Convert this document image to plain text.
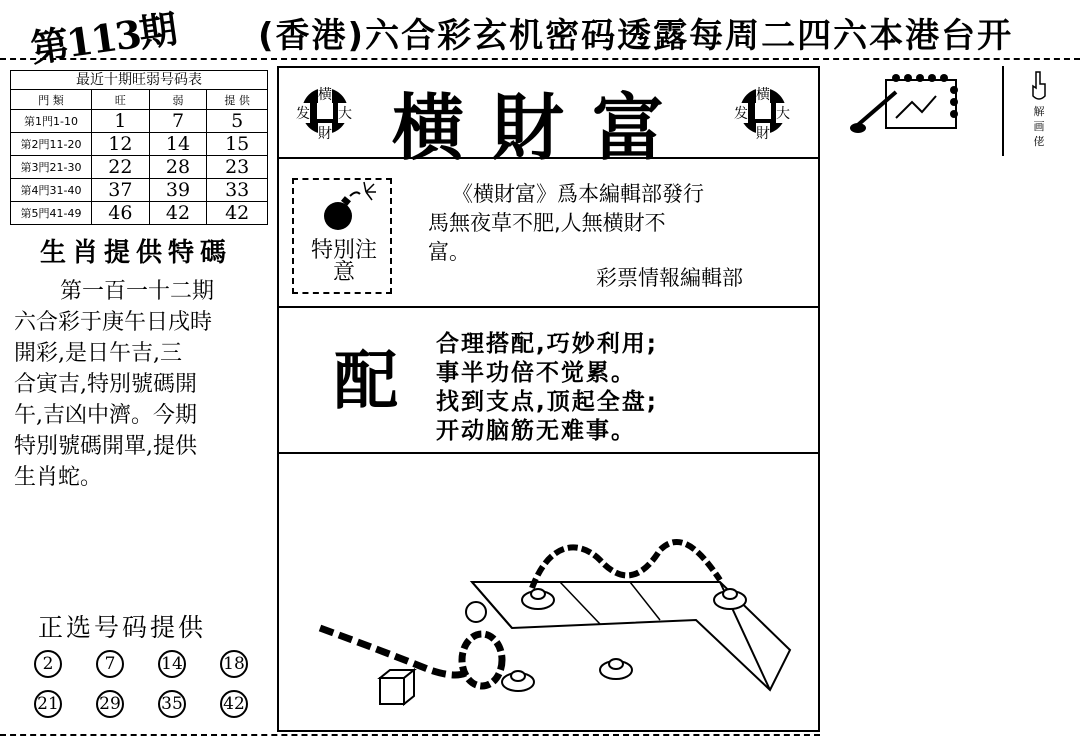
第113期 (香港)六合彩玄机密码透露每周二四六本港台开
最近十期旺弱号码表
門 類	旺	弱	提 供
第1門1-10	1	7	5
第2門11-20	12	14	15
第3門21-30	22	28	23
第4門31-40	37	39	33
第5門41-49	46	42	42
生肖提供特碼
第一百一十二期
六合彩于庚午日戌時
開彩,是日午吉,三
合寅吉,特別號碼開
午,吉凶中濟。今期
特別號碼開單,提供
生肖蛇。
正选号码提供
2	7	14 18
21 29 35 42
横
发 大
財 横財富	横
发 大
財
特別注意
《横財富》爲本編輯部發行
馬無夜草不肥,人無横財不
富。
彩票情報編輯部
配
合理搭配,巧妙利用;
事半功倍不觉累。
找到支点,顶起全盘;
开动脑筋无难事。
解画佬
